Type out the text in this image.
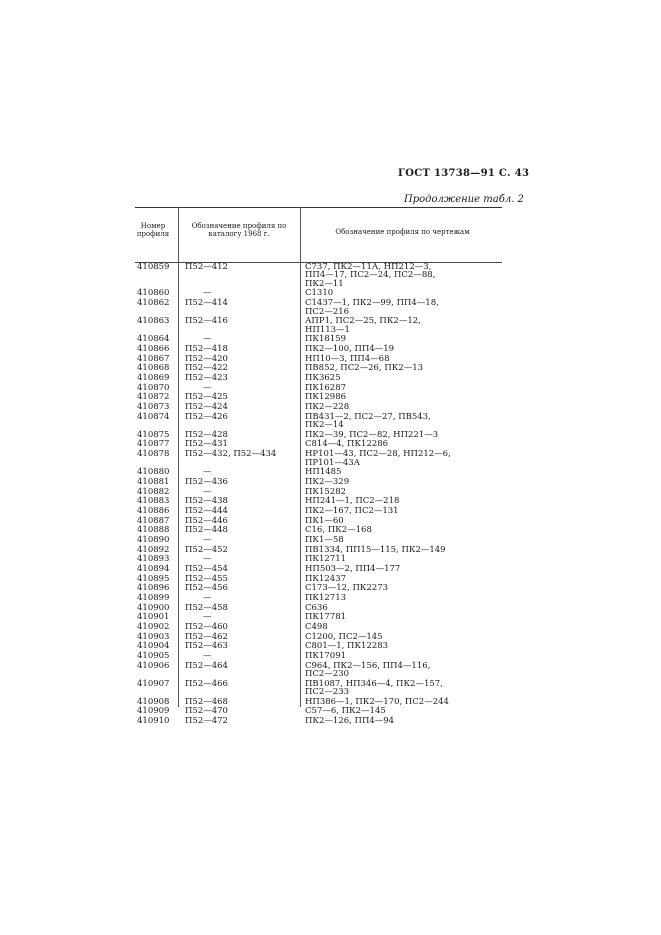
ГОСТ 13738—91 С. 43
Продолжение табл. 2
Номер профиля
Обозначение профиля по каталогу 1968 г.	Обозначение профиля по чертежам
410859 П52—412	С737, ПК2—11А, НП212—3,
ПП4—17, ПС2—24, ПС2—88,
ПК2—11
410860	—	С1310
410862 П52—414	С1437—1, ПК2—99, ПП4—18,
ПС2—216
410863 П52—416	АПР1, ПС2—25, ПК2—12,
НП113—1
410864	—	ПК18159
410866 П52—418	ПК2—100, ПП4—19
410867 П52—420	НП10—3, ПП4—68
410868 П52—422	ПВ852, ПС2—26, ПК2—13
410869 П52—423	ПК3625
410870	—	ПК16287
410872 П52—425	ПК12986
410873 П52—424	ПК2—228
410874 П52—426	ПВ431—2, ПС2—27, ПВ543,
ПК2—14
410875 П52—428	ПК2—39, ПС2—82, НП221—3
410877 П52—431	С814—4, ПК12286
410878 П52—432, П52—434	НР101—43, ПС2—28, НП212—6,
ПР101—43А
410880	—	НП1485
410881 П52—436	ПК2—329
410882	—	ПК15282
410883 П52—438	НП241—1, ПС2—218
410886 П52—444	ПК2—167, ПС2—131
410887 П52—446	ПК1—60
410888 П52—448	С16, ПК2—168
410890	—	ПК1—58
410892 П52—452	ПВ1334, ПП15—115, ПК2—149
410893	—	ПК12711
410894 П52—454	НП503—2, ПП4—177
410895 П52—455	ПК12437
410896 П52—456	С173—12, ПК2273
410899	—	ПК12713
410900 П52—458	С636
410901	—	ПК17781
410902 П52—460	С498
410903 П52—462	С1200, ПС2—145
410904 П52—463	С801—1, ПК12283
410905	—	ПК17091
410906 П52—464	С964, ПК2—156, ПП4—116,
ПС2—230
410907 П52—466	ПВ1087, НП346—4, ПК2—157,
ПС2—233
410908 П52—468	НП386—1, ПК2—170, ПС2—244
410909 П52—470	С57—6, ПК2—145
410910 П52—472	ПК2—126, ПП4—94
